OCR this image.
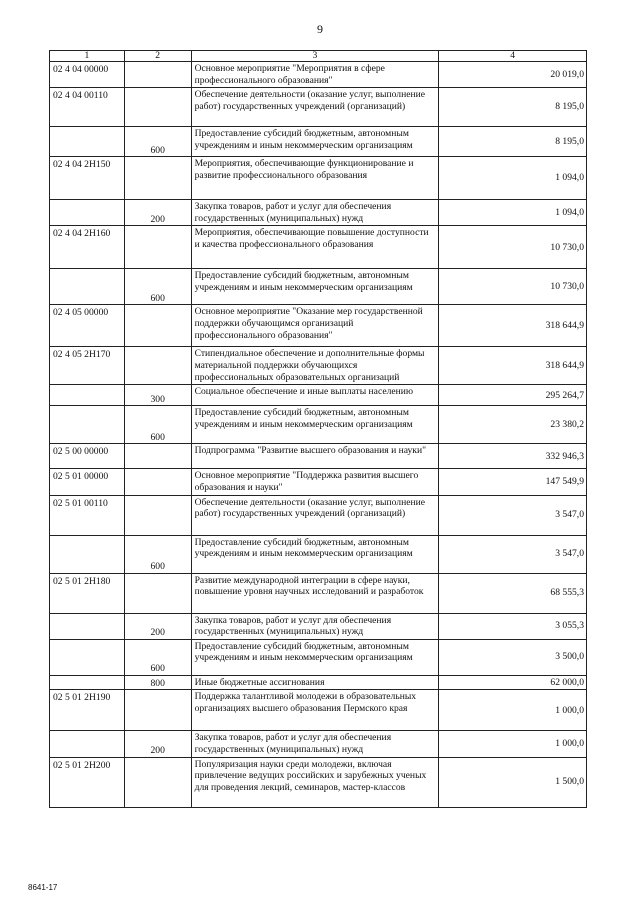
9
1	2	3	4
02 4 04 00000		Основное мероприятие "Мероприятия в сфере профессионального образования"	20 019,0
02 4 04 00110		Обеспечение деятельности (оказание услуг, выполнение работ) государственных учреждений (организаций)	8 195,0
	600	Предоставление субсидий бюджетным, автономным учреждениям и иным некоммерческим организациям	8 195,0
02 4 04 2Н150		Мероприятия, обеспечивающие функционирование и развитие профессионального образования	1 094,0
	200	Закупка товаров, работ и услуг для обеспечения государственных (муниципальных) нужд	1 094,0
02 4 04 2Н160		Мероприятия, обеспечивающие повышение доступности и качества профессионального образования	10 730,0
	600	Предоставление субсидий бюджетным, автономным учреждениям и иным некоммерческим организациям	10 730,0
02 4 05 00000		Основное мероприятие "Оказание мер государственной поддержки обучающимся организаций профессионального образования"	318 644,9
02 4 05 2Н170		Стипендиальное обеспечение и дополнительные формы материальной поддержки обучающихся профессиональных образовательных организаций	318 644,9
	300	Социальное обеспечение и иные выплаты населению	295 264,7
	600	Предоставление субсидий бюджетным, автономным учреждениям и иным некоммерческим организациям	23 380,2
02 5 00 00000		Подпрограмма "Развитие высшего образования и науки"	332 946,3
02 5 01 00000		Основное мероприятие "Поддержка развития высшего образования и науки"	147 549,9
02 5 01 00110		Обеспечение деятельности (оказание услуг, выполнение работ) государственных учреждений (организаций)	3 547,0
	600	Предоставление субсидий бюджетным, автономным учреждениям и иным некоммерческим организациям	3 547,0
02 5 01 2Н180		Развитие международной интеграции в сфере науки, повышение уровня научных исследований и разработок	68 555,3
	200	Закупка товаров, работ и услуг для обеспечения государственных (муниципальных) нужд	3 055,3
	600	Предоставление субсидий бюджетным, автономным учреждениям и иным некоммерческим организациям	3 500,0
	800	Иные бюджетные ассигнования	62 000,0
02 5 01 2Н190		Поддержка талантливой молодежи в образовательных организациях высшего образования Пермского края	1 000,0
	200	Закупка товаров, работ и услуг для обеспечения государственных (муниципальных) нужд	1 000,0
02 5 01 2Н200		Популяризация науки среди молодежи, включая привлечение ведущих российских и зарубежных ученых для проведения лекций, семинаров, мастер-классов	1 500,0
8641-17
